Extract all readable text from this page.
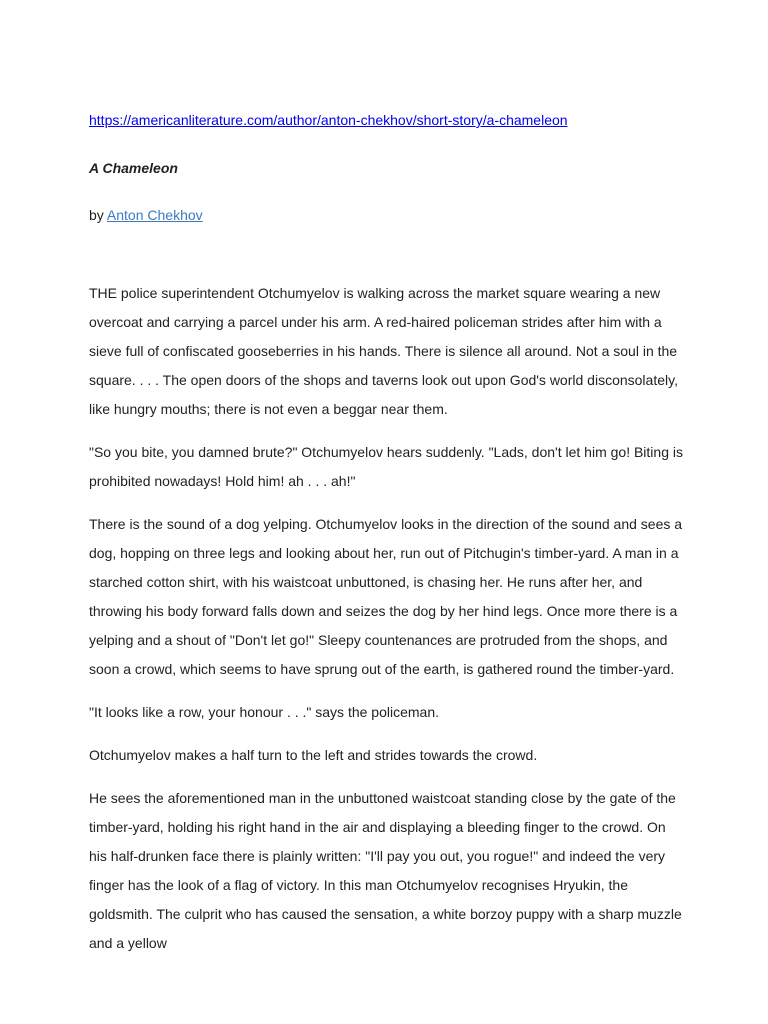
https://americanliterature.com/author/anton-chekhov/short-story/a-chameleon

A Chameleon

by Anton Chekhov

THE police superintendent Otchumyelov is walking across the market square wearing a new overcoat and carrying a parcel under his arm. A red-haired policeman strides after him with a sieve full of confiscated gooseberries in his hands. There is silence all around. Not a soul in the square. . . . The open doors of the shops and taverns look out upon God's world disconsolately, like hungry mouths; there is not even a beggar near them.

"So you bite, you damned brute?" Otchumyelov hears suddenly. "Lads, don't let him go! Biting is prohibited nowadays! Hold him! ah . . . ah!"

There is the sound of a dog yelping. Otchumyelov looks in the direction of the sound and sees a dog, hopping on three legs and looking about her, run out of Pitchugin's timber-yard. A man in a starched cotton shirt, with his waistcoat unbuttoned, is chasing her. He runs after her, and throwing his body forward falls down and seizes the dog by her hind legs. Once more there is a yelping and a shout of "Don't let go!" Sleepy countenances are protruded from the shops, and soon a crowd, which seems to have sprung out of the earth, is gathered round the timber-yard.

"It looks like a row, your honour . . ." says the policeman.

Otchumyelov makes a half turn to the left and strides towards the crowd.

He sees the aforementioned man in the unbuttoned waistcoat standing close by the gate of the timber-yard, holding his right hand in the air and displaying a bleeding finger to the crowd. On his half-drunken face there is plainly written: "I'll pay you out, you rogue!" and indeed the very finger has the look of a flag of victory. In this man Otchumyelov recognises Hryukin, the goldsmith. The culprit who has caused the sensation, a white borzoy puppy with a sharp muzzle and a yellow
